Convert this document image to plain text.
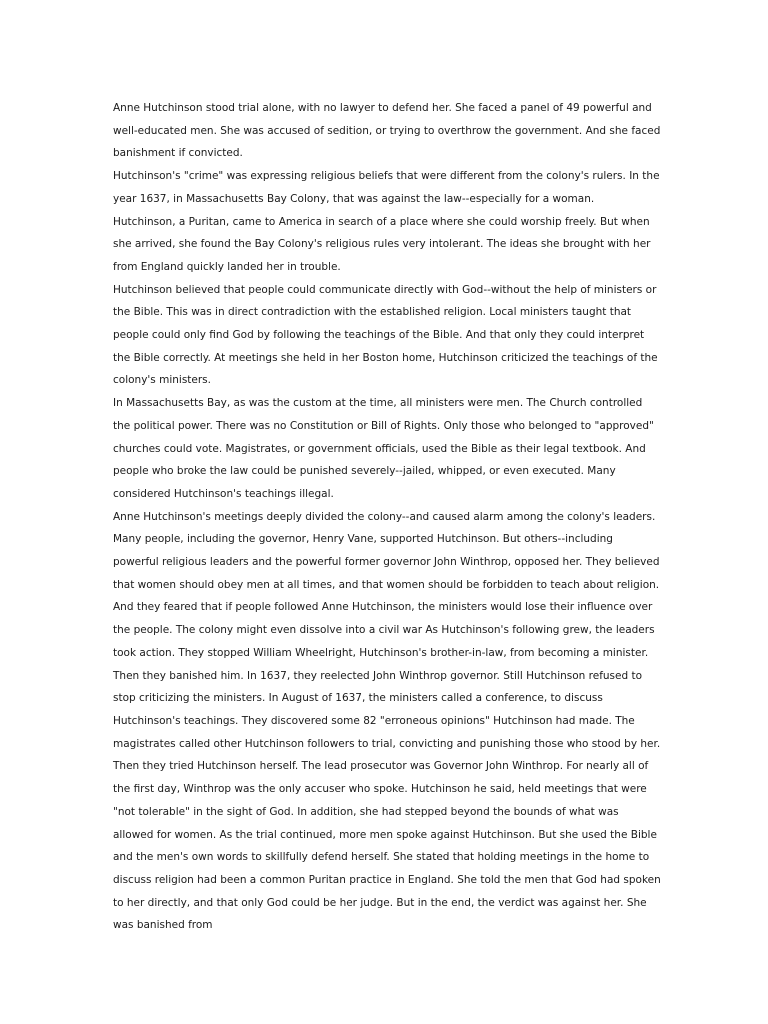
Anne Hutchinson stood trial alone, with no lawyer to defend her. She faced a panel of 49 powerful and well-educated men. She was accused of sedition, or trying to overthrow the government. And she faced banishment if convicted.

Hutchinson's "crime" was expressing religious beliefs that were different from the colony's rulers. In the year 1637, in Massachusetts Bay Colony, that was against the law--especially for a woman.

Hutchinson, a Puritan, came to America in search of a place where she could worship freely. But when she arrived, she found the Bay Colony's religious rules very intolerant. The ideas she brought with her from England quickly landed her in trouble.

Hutchinson believed that people could communicate directly with God--without the help of ministers or the Bible. This was in direct contradiction with the established religion. Local ministers taught that people could only find God by following the teachings of the Bible. And that only they could interpret the Bible correctly. At meetings she held in her Boston home, Hutchinson criticized the teachings of the colony's ministers.

In Massachusetts Bay, as was the custom at the time, all ministers were men. The Church controlled the political power. There was no Constitution or Bill of Rights. Only those who belonged to "approved" churches could vote. Magistrates, or government officials, used the Bible as their legal textbook. And people who broke the law could be punished severely--jailed, whipped, or even executed. Many considered Hutchinson's teachings illegal.

Anne Hutchinson's meetings deeply divided the colony--and caused alarm among the colony's leaders. Many people, including the governor, Henry Vane, supported Hutchinson. But others--including powerful religious leaders and the powerful former governor John Winthrop, opposed her. They believed that women should obey men at all times, and that women should be forbidden to teach about religion. And they feared that if people followed Anne Hutchinson, the ministers would lose their influence over the people. The colony might even dissolve into a civil war As Hutchinson's following grew, the leaders took action. They stopped William Wheelright, Hutchinson's brother-in-law, from becoming a minister. Then they banished him. In 1637, they reelected John Winthrop governor. Still Hutchinson refused to stop criticizing the ministers. In August of 1637, the ministers called a conference, to discuss Hutchinson's teachings. They discovered some 82 "erroneous opinions" Hutchinson had made. The magistrates called other Hutchinson followers to trial, convicting and punishing those who stood by her. Then they tried Hutchinson herself. The lead prosecutor was Governor John Winthrop. For nearly all of the first day, Winthrop was the only accuser who spoke. Hutchinson he said, held meetings that were "not tolerable" in the sight of God. In addition, she had stepped beyond the bounds of what was allowed for women. As the trial continued, more men spoke against Hutchinson. But she used the Bible and the men's own words to skillfully defend herself. She stated that holding meetings in the home to discuss religion had been a common Puritan practice in England. She told the men that God had spoken to her directly, and that only God could be her judge. But in the end, the verdict was against her. She was banished from
